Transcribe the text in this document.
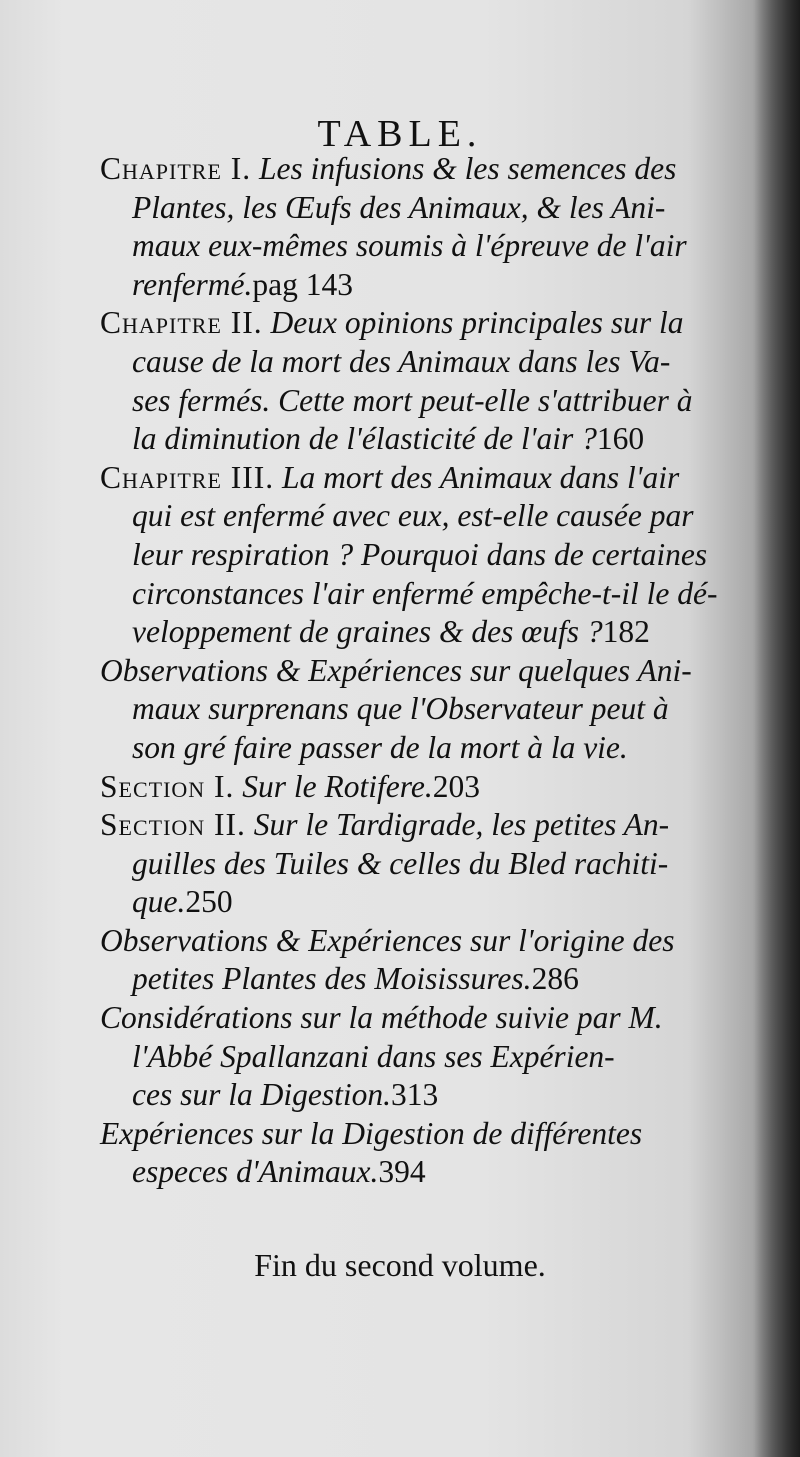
TABLE.
Chapitre I. Les infusions & les semences des
Plantes, les Œufs des Animaux, & les Ani-
maux eux-mêmes soumis à l'épreuve de l'air
renfermé.pag 143
Chapitre II. Deux opinions principales sur la
cause de la mort des Animaux dans les Va-
ses fermés. Cette mort peut-elle s'attribuer à
la diminution de l'élasticité de l'air ?160
Chapitre III. La mort des Animaux dans l'air
qui est enfermé avec eux, est-elle causée par
leur respiration ? Pourquoi dans de certaines
circonstances l'air enfermé empêche-t-il le dé-
veloppement de graines & des œufs ?182
Observations & Expériences sur quelques Ani-
maux surprenans que l'Observateur peut à
son gré faire passer de la mort à la vie.
Section I. Sur le Rotifere.203
Section II. Sur le Tardigrade, les petites An-
guilles des Tuiles & celles du Bled rachiti-
que.250
Observations & Expériences sur l'origine des
petites Plantes des Moisissures.286
Considérations sur la méthode suivie par M.
l'Abbé Spallanzani dans ses Expérien-
ces sur la Digestion.313
Expériences sur la Digestion de différentes
especes d'Animaux.394
Fin du second volume.
